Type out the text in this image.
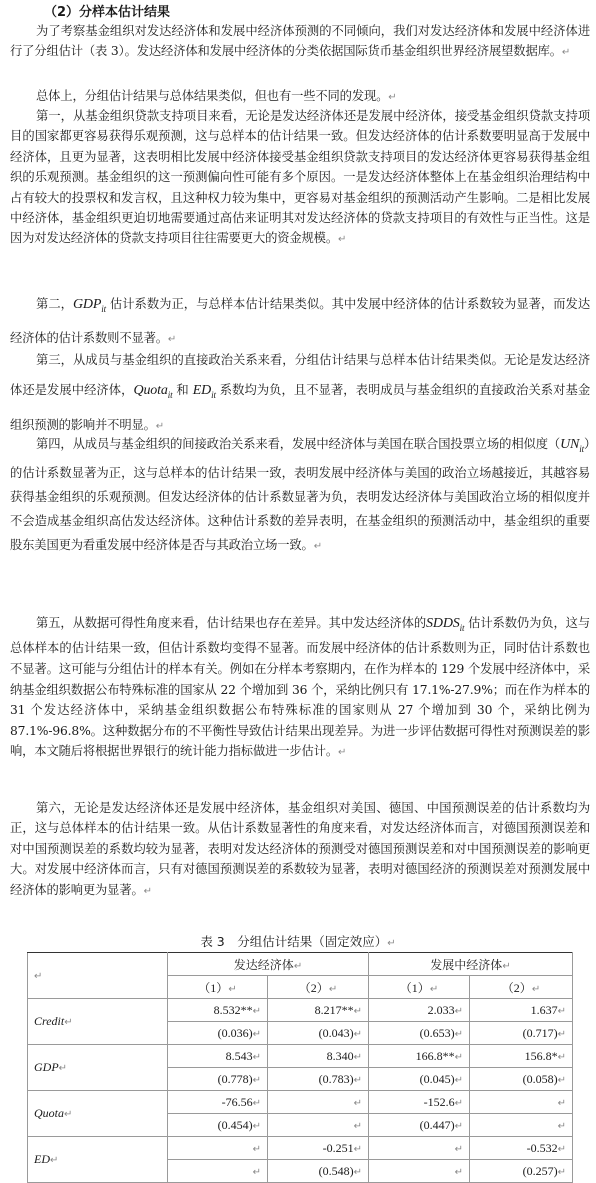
（2）分样本估计结果

为了考察基金组织对发达经济体和发展中经济体预测的不同倾向，我们对发达经济体和发展中经济体进行了分组估计（表 3）。发达经济体和发展中经济体的分类依据国际货币基金组织世界经济展望数据库。↵

总体上，分组估计结果与总体结果类似，但也有一些不同的发现。↵

第一，从基金组织贷款支持项目来看，无论是发达经济体还是发展中经济体，接受基金组织贷款支持项目的国家都更容易获得乐观预测，这与总样本的估计结果一致。但发达经济体的估计系数要明显高于发展中经济体，且更为显著，这表明相比发展中经济体接受基金组织贷款支持项目的发达经济体更容易获得基金组织的乐观预测。基金组织的这一预测偏向性可能有多个原因。一是发达经济体整体上在基金组织治理结构中占有较大的投票权和发言权，且这种权力较为集中，更容易对基金组织的预测活动产生影响。二是相比发展中经济体，基金组织更迫切地需要通过高估来证明其对发达经济体的贷款支持项目的有效性与正当性。这是因为对发达经济体的贷款支持项目往往需要更大的资金规模。↵

第二，$GDP_{it}$ 估计系数为正，与总样本估计结果类似。其中发展中经济体的估计系数较为显著，而发达经济体的估计系数则不显著。↵

第三，从成员与基金组织的直接政治关系来看，分组估计结果与总样本估计结果类似。无论是发达经济体还是发展中经济体，Quota$_{it}$ 和 $ED_{it}$ 系数均为负，且不显著，表明成员与基金组织的直接政治关系对基金组织预测的影响并不明显。↵

第四，从成员与基金组织的间接政治关系来看，发展中经济体与美国在联合国投票立场的相似度$(UN_{it})$的估计系数显著为正，这与总样本的估计结果一致，表明发展中经济体与美国的政治立场越接近，其越容易获得基金组织的乐观预测。但发达经济体的估计系数显著为负，表明发达经济体与美国政治立场的相似度并不会造成基金组织高估发达经济体。这种估计系数的差异表明，在基金组织的预测活动中，基金组织的重要股东美国更为看重发展中经济体是否与其政治立场一致。↵

第五，从数据可得性角度来看，估计结果也存在差异。其中发达经济体的$SDDS_{it}$ 估计系数仍为负，这与总体样本的估计结果一致，但估计系数均变得不显著。而发展中经济体的估计系数则为正，同时估计系数也不显著。这可能与分组估计的样本有关。例如在分样本考察期内，在作为样本的 129 个发展中经济体中，采纳基金组织数据公布特殊标准的国家从 22 个增加到 36 个，采纳比例只有 17.1%-27.9%；而在作为样本的 31 个发达经济体中，采纳基金组织数据公布特殊标准的国家则从 27 个增加到 30 个，采纳比例为 87.1%-96.8%。这种数据分布的不平衡性导致估计结果出现差异。为进一步评估数据可得性对预测误差的影响，本文随后将根据世界银行的统计能力指标做进一步估计。↵

第六，无论是发达经济体还是发展中经济体，基金组织对美国、德国、中国预测误差的估计系数均为正，这与总体样本的估计结果一致。从估计系数显著性的角度来看，对发达经济体而言，对德国预测误差和对中国预测误差的系数均较为显著，表明对发达经济体的预测受对德国预测误差和对中国预测误差的影响更大。对发展中经济体而言，只有对德国预测误差的系数较为显著，表明对德国经济的预测误差对预测发展中经济体的影响更为显著。↵

表 3　分组估计结果（固定效应）↵
↵	发达经济体↵		发展中经济体↵	
	（1）↵	（2）↵	（1）↵	（2）↵
Credit↵	8.532**↵	8.217**↵	2.033↵	1.637↵
	(0.036)↵	(0.043)↵	(0.653)↵	(0.717)↵
GDP↵	8.543↵	8.340↵	166.8**↵	156.8*↵
	(0.778)↵	(0.783)↵	(0.045)↵	(0.058)↵
Quota↵	-76.56↵	↵	-152.6↵	↵
	(0.454)↵	↵	(0.447)↵	↵
ED↵	↵	-0.251↵	↵	-0.532↵
	↵	(0.548)↵	↵	(0.257)↵
